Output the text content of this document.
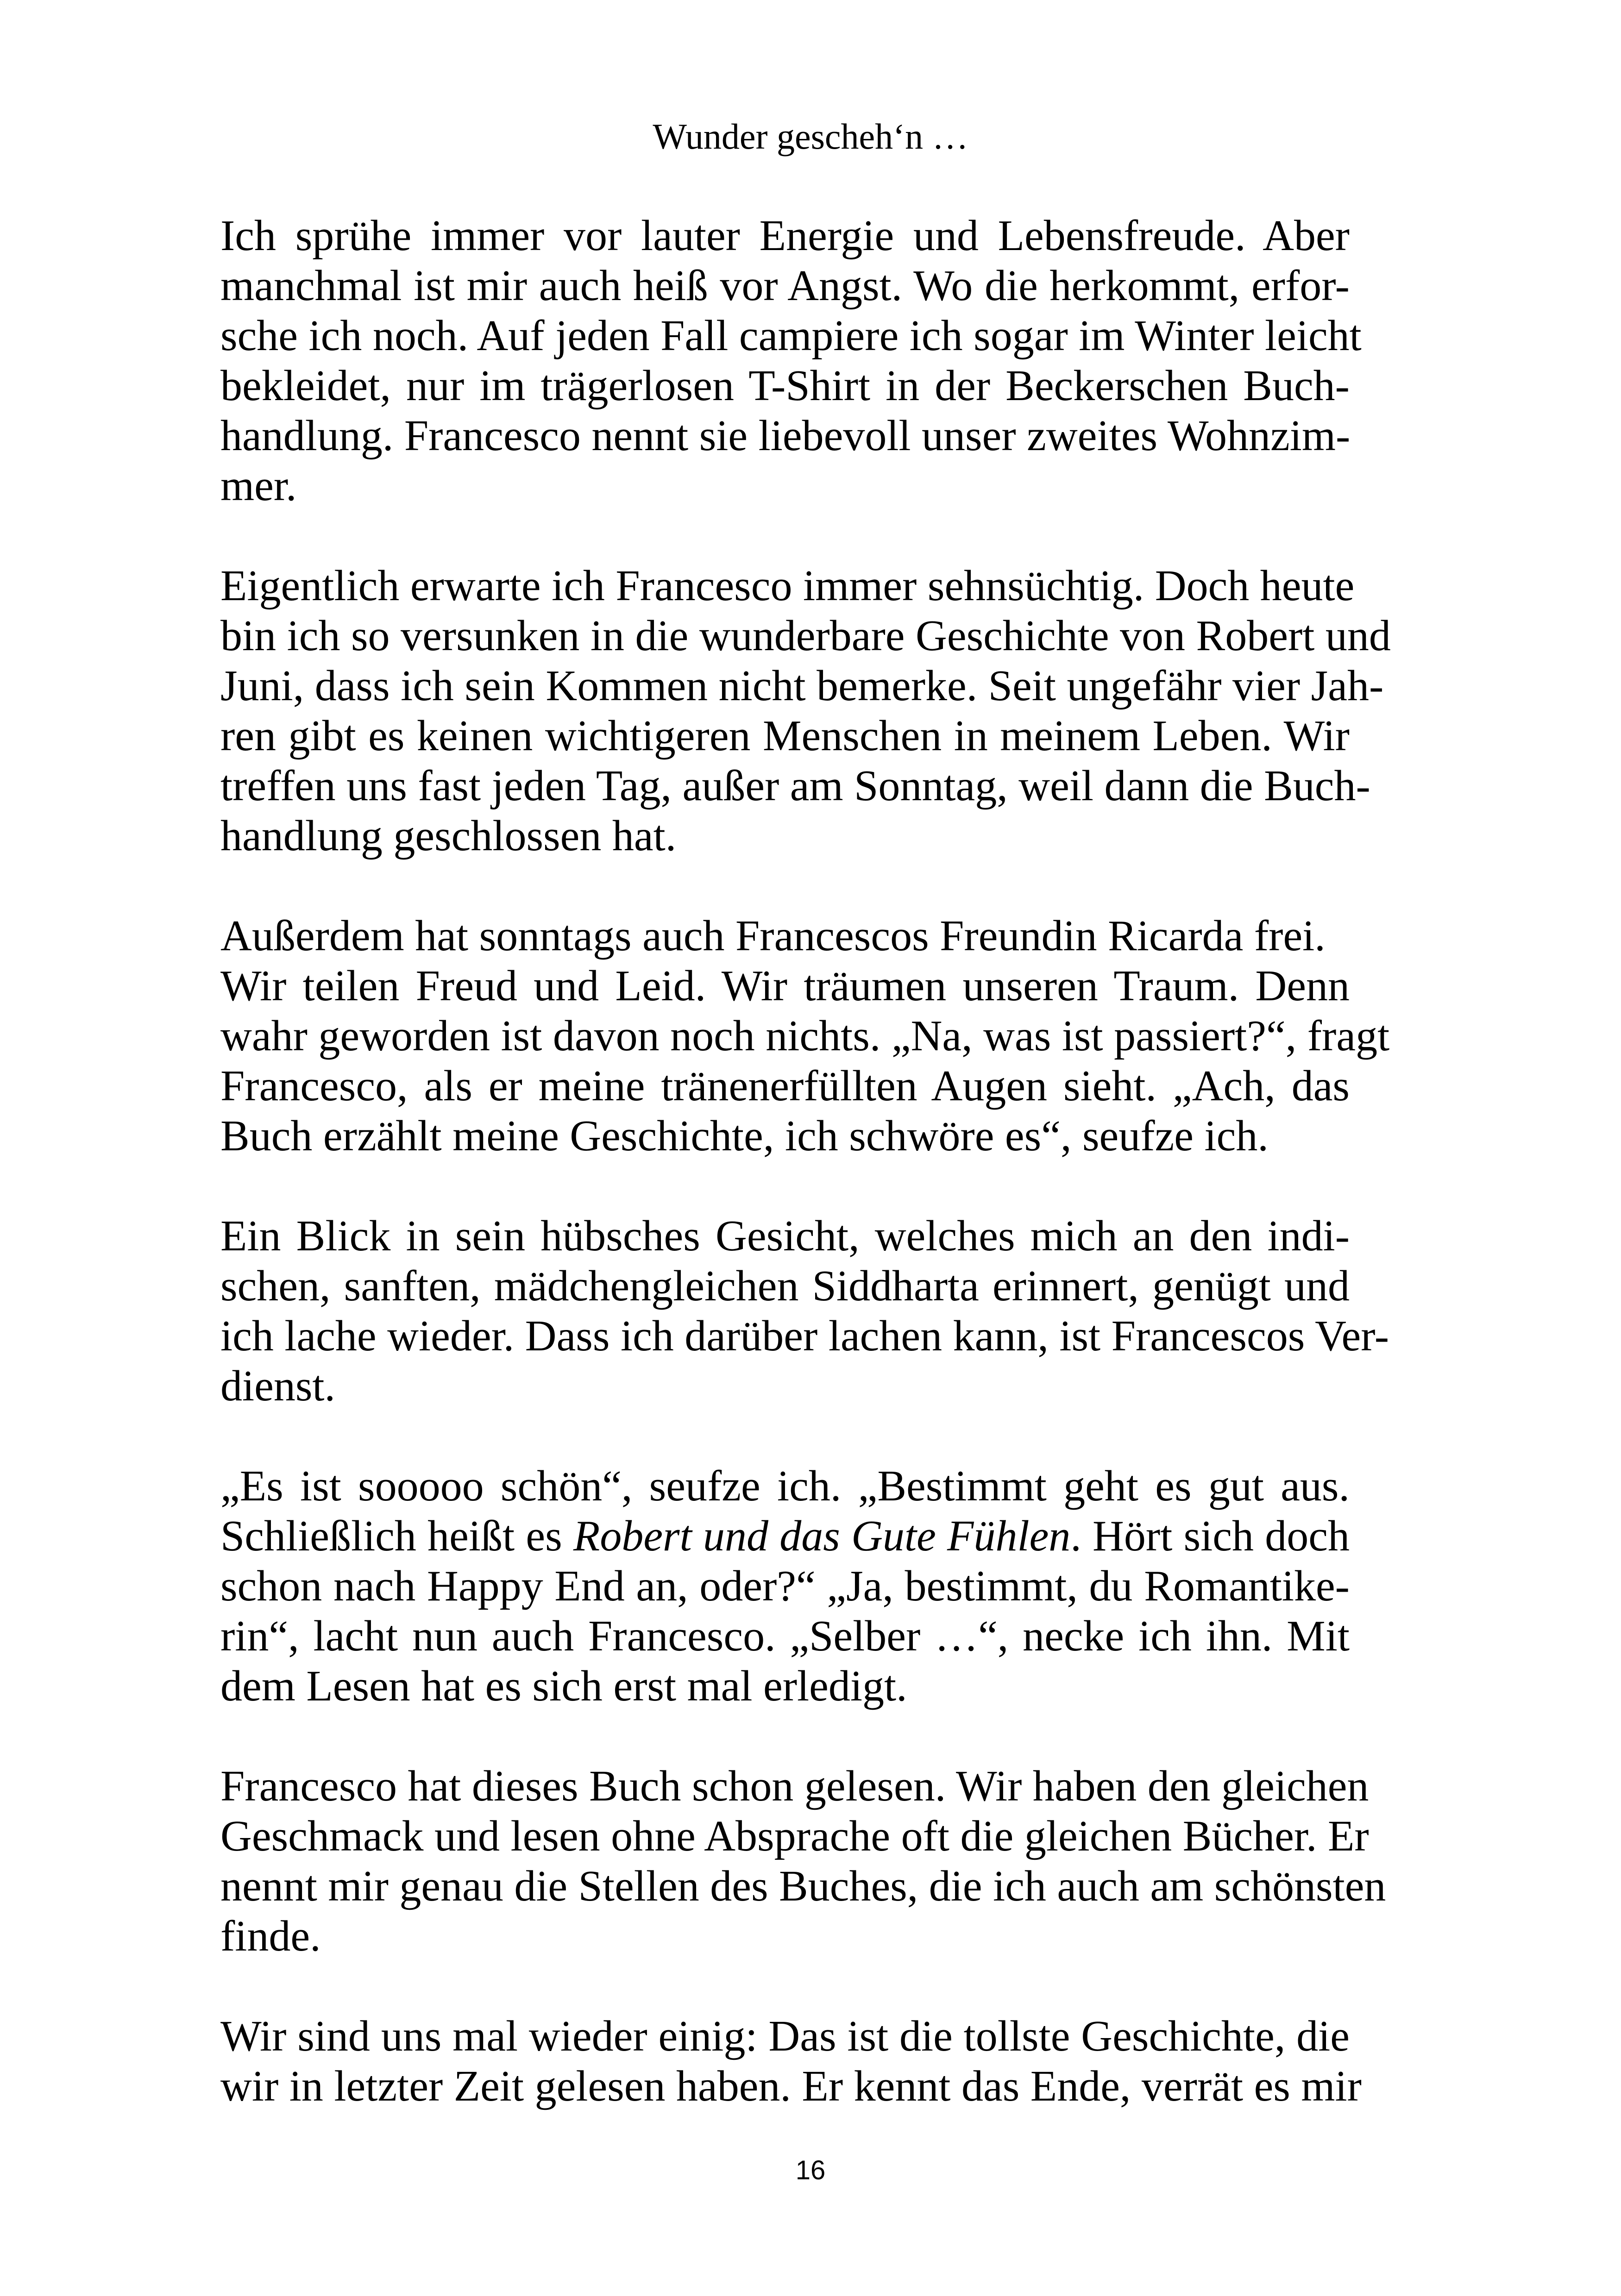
Wunder gescheh‘n …

Ich sprühe immer vor lauter Energie und Lebensfreude. Aber
manchmal ist mir auch heiß vor Angst. Wo die herkommt, erfor-
sche ich noch. Auf jeden Fall campiere ich sogar im Winter leicht
bekleidet, nur im trägerlosen T-Shirt in der Beckerschen Buch-
handlung. Francesco nennt sie liebevoll unser zweites Wohnzim-
mer.

Eigentlich erwarte ich Francesco immer sehnsüchtig. Doch heute
bin ich so versunken in die wunderbare Geschichte von Robert und
Juni, dass ich sein Kommen nicht bemerke. Seit ungefähr vier Jah-
ren gibt es keinen wichtigeren Menschen in meinem Leben. Wir
treffen uns fast jeden Tag, außer am Sonntag, weil dann die Buch-
handlung geschlossen hat.

Außerdem hat sonntags auch Francescos Freundin Ricarda frei.
Wir teilen Freud und Leid. Wir träumen unseren Traum. Denn
wahr geworden ist davon noch nichts. „Na, was ist passiert?“, fragt
Francesco, als er meine tränenerfüllten Augen sieht. „Ach, das
Buch erzählt meine Geschichte, ich schwöre es“, seufze ich.

Ein Blick in sein hübsches Gesicht, welches mich an den indi-
schen, sanften, mädchengleichen Siddharta erinnert, genügt und
ich lache wieder. Dass ich darüber lachen kann, ist Francescos Ver-
dienst.

„Es ist sooooo schön“, seufze ich. „Bestimmt geht es gut aus.
Schließlich heißt es Robert und das Gute Fühlen. Hört sich doch
schon nach Happy End an, oder?“ „Ja, bestimmt, du Romantike-
rin“, lacht nun auch Francesco. „Selber …“, necke ich ihn. Mit
dem Lesen hat es sich erst mal erledigt.

Francesco hat dieses Buch schon gelesen. Wir haben den gleichen
Geschmack und lesen ohne Absprache oft die gleichen Bücher. Er
nennt mir genau die Stellen des Buches, die ich auch am schönsten
finde.

Wir sind uns mal wieder einig: Das ist die tollste Geschichte, die
wir in letzter Zeit gelesen haben. Er kennt das Ende, verrät es mir

16
